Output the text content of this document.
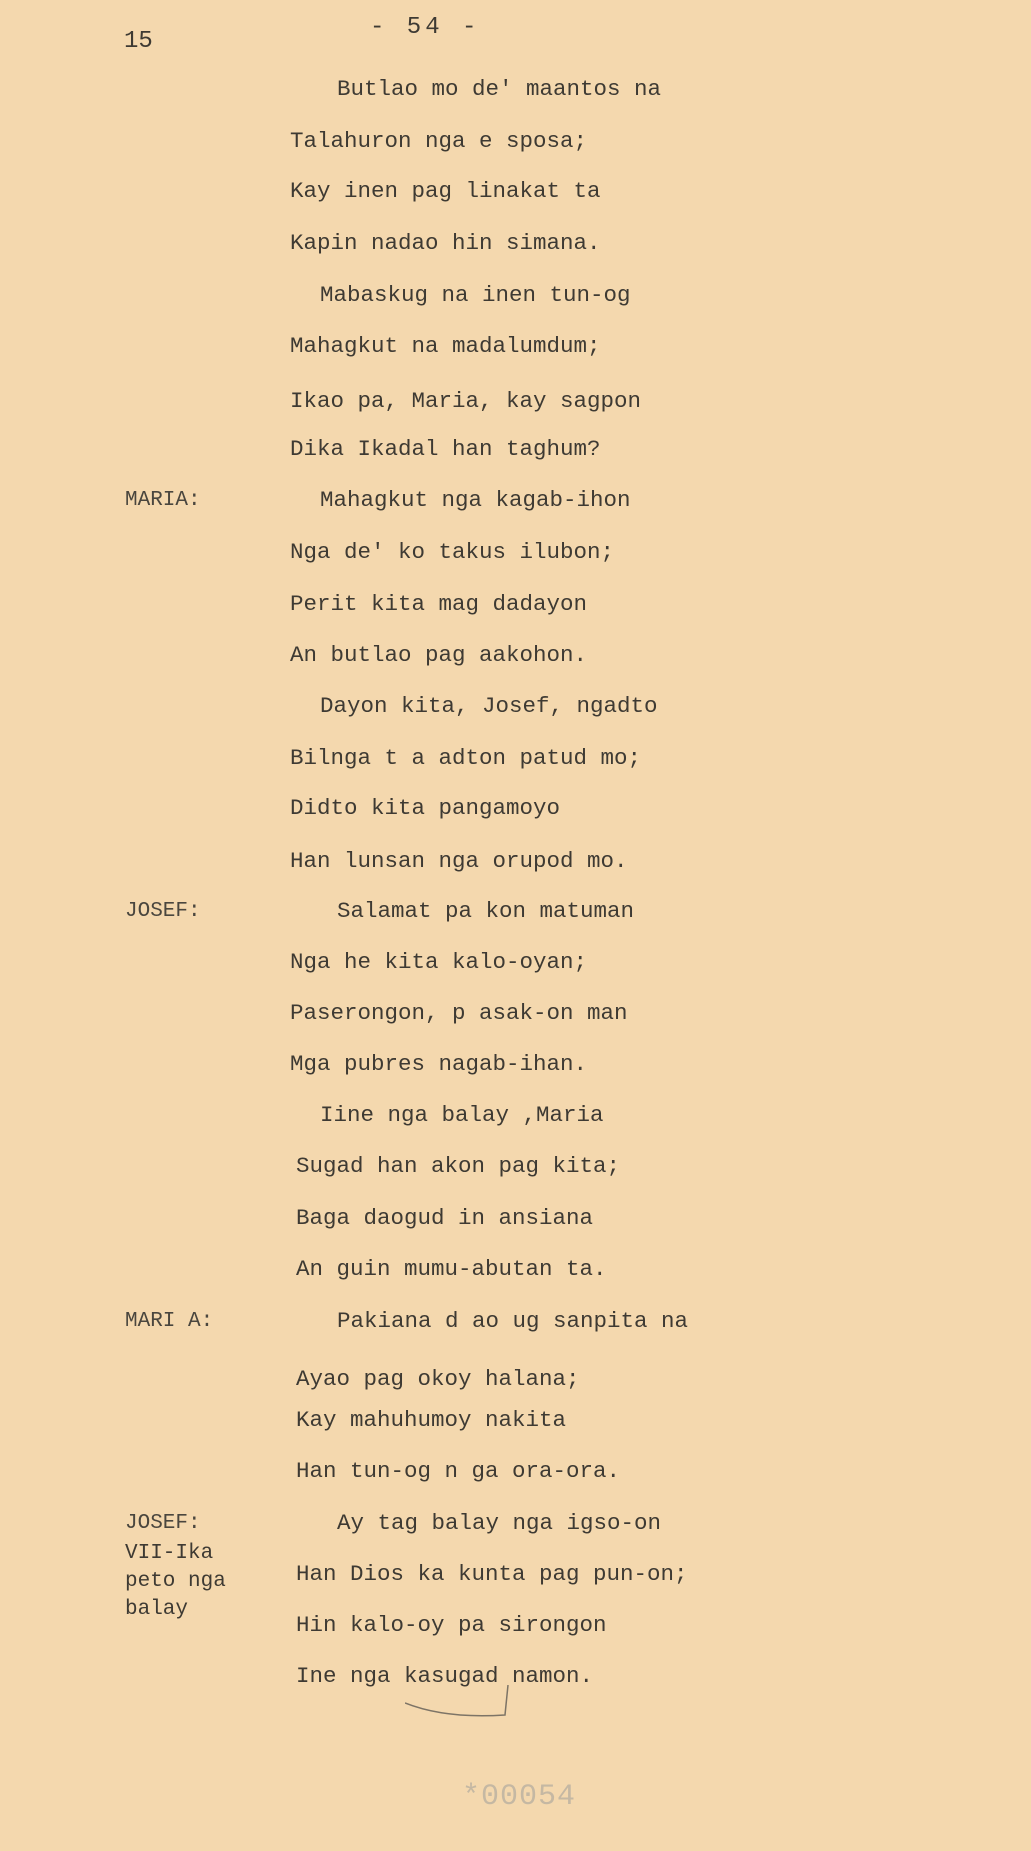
15
- 54 -
Butlao mo de' maantos na
Talahuron nga e sposa;
Kay inen pag linakat ta
Kapin nadao hin simana.
Mabaskug na inen tun-og
Mahagkut na madalumdum;
Ikao pa, Maria, kay sagpon
Dika Ikadal han taghum?
Mahagkut nga kagab-ihon
Nga de' ko takus ilubon;
Perit kita mag dadayon
An butlao pag aakohon.
Dayon kita, Josef, ngadto
Bilnga t a adton patud mo;
Didto kita pangamoyo
Han lunsan nga orupod mo.
Salamat pa kon matuman
Nga he kita kalo-oyan;
Paserongon, p asak-on man
Mga pubres nagab-ihan.
Iine nga balay ,Maria
Sugad han akon pag kita;
Baga daogud in ansiana
An guin mumu-abutan ta.
Pakiana d ao ug sanpita na
Ayao pag okoy halana;
Kay mahuhumoy nakita
Han tun-og n ga ora-ora.
Ay tag balay nga igso-on
Han Dios ka kunta pag pun-on;
Hin kalo-oy pa sirongon
Ine nga kasugad namon.
MARIA:
JOSEF:
MARI A:
JOSEF:
VII-Ika
peto nga
balay
*00054
